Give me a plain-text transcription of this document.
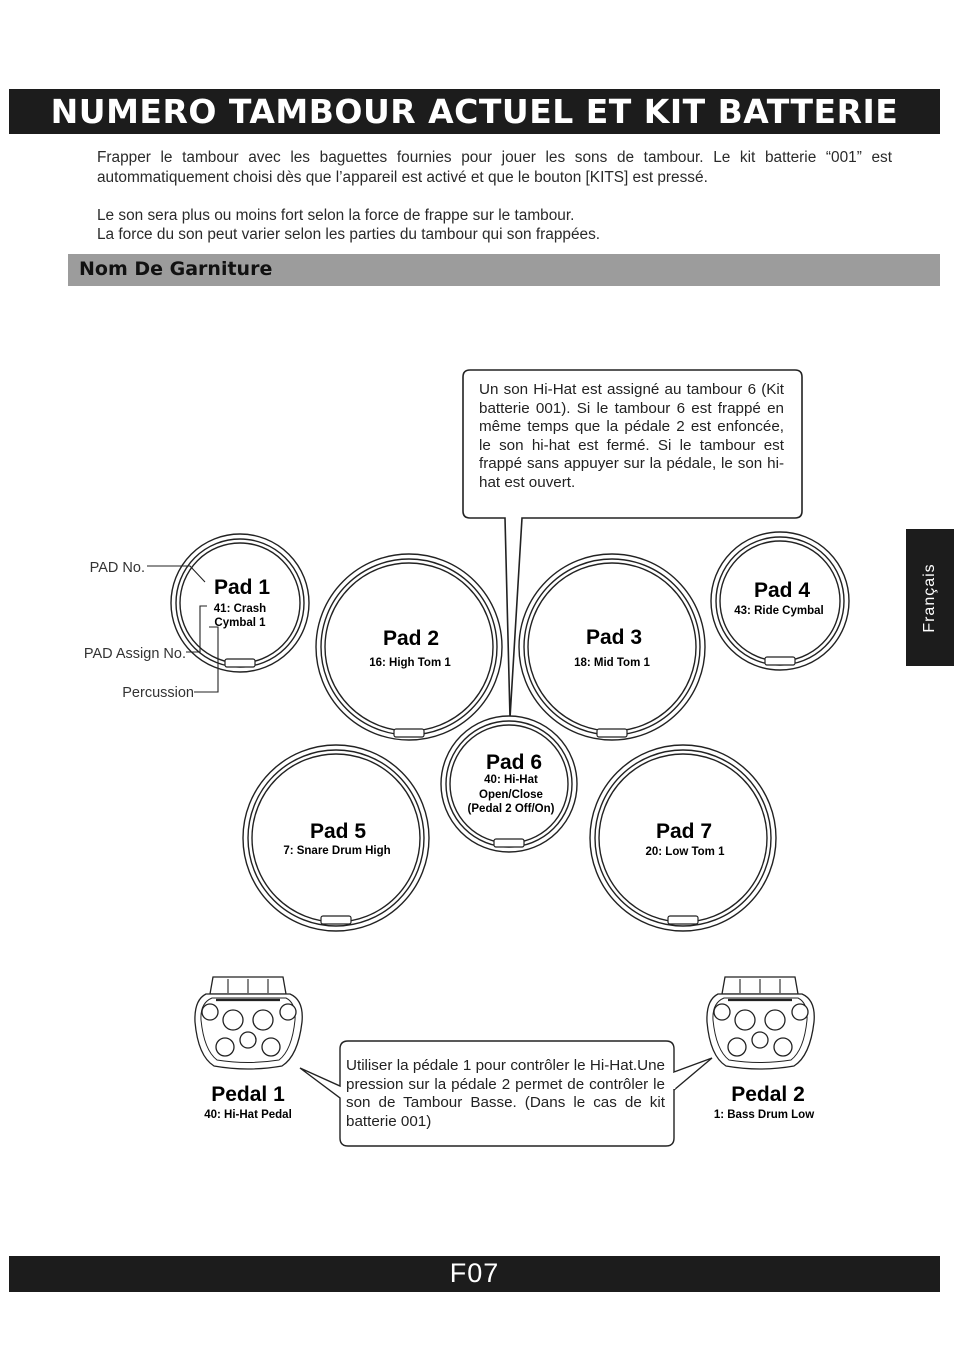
NUMERO TAMBOUR ACTUEL ET KIT BATTERIE

Frapper le tambour avec les baguettes fournies pour jouer les sons de tambour. Le kit batterie “001” est autommatiquement choisi dès que l’appareil est activé et que le bouton [KITS] est pressé.

Le son sera plus ou moins fort selon la force de frappe sur le tambour.

La force du son peut varier selon les parties du tambour qui son frappées.

Nom De Garniture
Français
Pad 1
41: Crash
Cymbal 1
Pad 2
16: High Tom 1
Pad 3
18: Mid Tom 1
Pad 4
43: Ride Cymbal
Pad 5
7: Snare Drum High
Pad 6
40: Hi-Hat
Open/Close
(Pedal 2 Off/On)
Pad 7
20: Low Tom 1
PAD No.
PAD Assign No.
Percussion
Pedal 1
40: Hi-Hat Pedal
Pedal 2
1: Bass Drum Low

Un son Hi-Hat est assigné au tambour 6 (Kit batterie 001). Si le tambour 6 est frappé en même temps que la pédale 2 est enfoncée, le son hi-hat est fermé. Si le tambour est frappé sans appuyer sur la pédale, le son hi-hat est ouvert.

Utiliser la pédale 1 pour contrôler le Hi-Hat.Une pression sur la pédale 2 permet de contrôler le son de Tambour Basse. (Dans le cas de kit batterie 001)

F07
